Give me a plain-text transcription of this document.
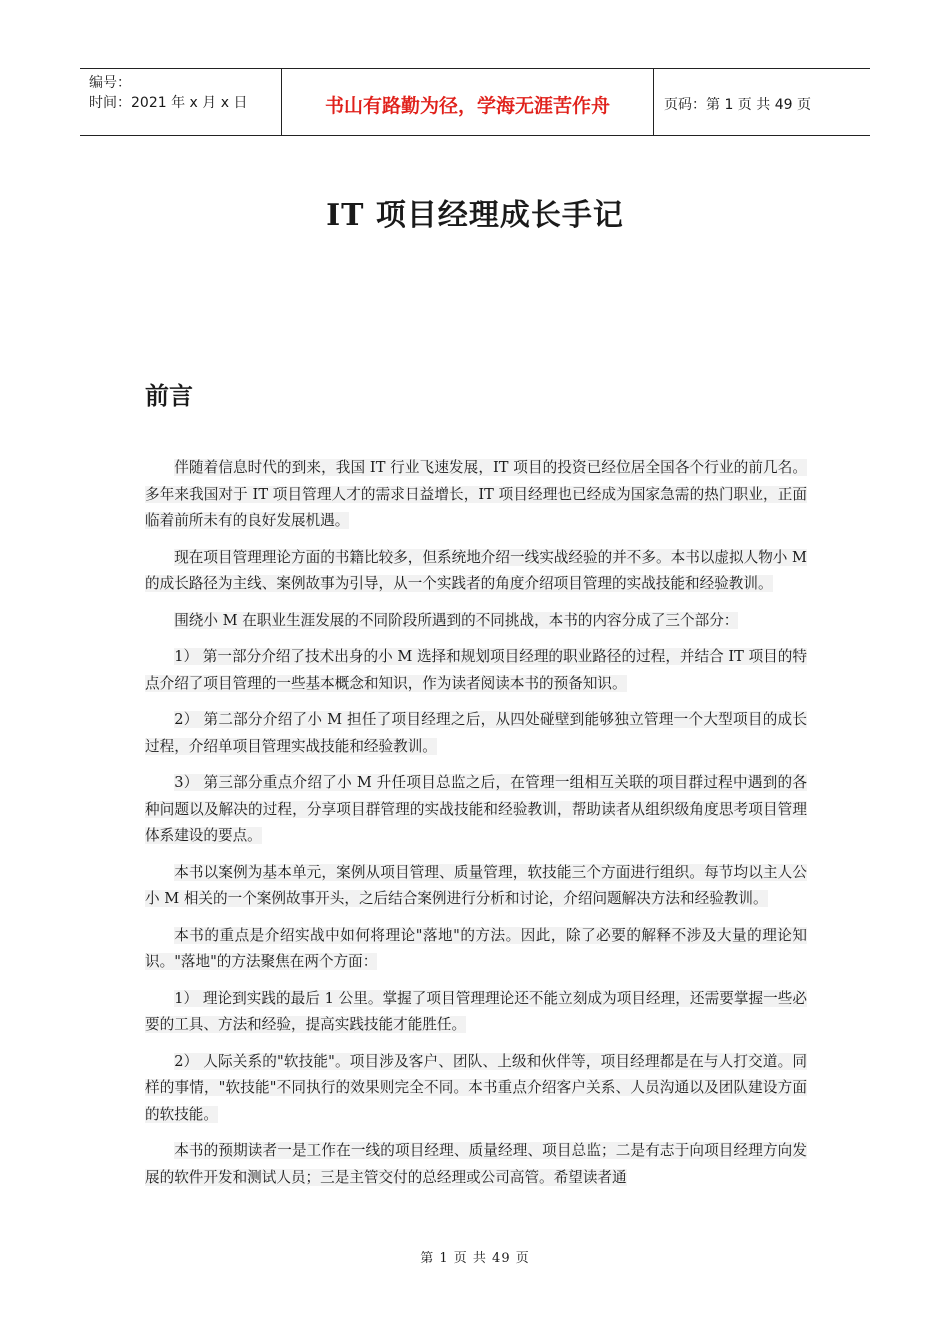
编号：
时间：2021 年 x 月 x 日	书山有路勤为径，学海无涯苦作舟	页码：第 1 页 共 49 页
IT 项目经理成长手记
前言

伴随着信息时代的到来，我国 IT 行业飞速发展，IT 项目的投资已经位居全国各个行业的前几名。多年来我国对于 IT 项目管理人才的需求日益增长，IT 项目经理也已经成为国家急需的热门职业，正面临着前所未有的良好发展机遇。

现在项目管理理论方面的书籍比较多，但系统地介绍一线实战经验的并不多。本书以虚拟人物小 M 的成长路径为主线、案例故事为引导，从一个实践者的角度介绍项目管理的实战技能和经验教训。

围绕小 M 在职业生涯发展的不同阶段所遇到的不同挑战，本书的内容分成了三个部分：

1） 第一部分介绍了技术出身的小 M 选择和规划项目经理的职业路径的过程，并结合 IT 项目的特点介绍了项目管理的一些基本概念和知识，作为读者阅读本书的预备知识。

2） 第二部分介绍了小 M 担任了项目经理之后，从四处碰壁到能够独立管理一个大型项目的成长过程，介绍单项目管理实战技能和经验教训。

3） 第三部分重点介绍了小 M 升任项目总监之后，在管理一组相互关联的项目群过程中遇到的各种问题以及解决的过程，分享项目群管理的实战技能和经验教训，帮助读者从组织级角度思考项目管理体系建设的要点。

本书以案例为基本单元，案例从项目管理、质量管理，软技能三个方面进行组织。每节均以主人公小 M 相关的一个案例故事开头，之后结合案例进行分析和讨论，介绍问题解决方法和经验教训。

本书的重点是介绍实战中如何将理论"落地"的方法。因此，除了必要的解释不涉及大量的理论知识。"落地"的方法聚焦在两个方面：

1） 理论到实践的最后 1 公里。掌握了项目管理理论还不能立刻成为项目经理，还需要掌握一些必要的工具、方法和经验，提高实践技能才能胜任。

2） 人际关系的"软技能"。项目涉及客户、团队、上级和伙伴等，项目经理都是在与人打交道。同样的事情，"软技能"不同执行的效果则完全不同。本书重点介绍客户关系、人员沟通以及团队建设方面的软技能。

本书的预期读者一是工作在一线的项目经理、质量经理、项目总监；二是有志于向项目经理方向发展的软件开发和测试人员；三是主管交付的总经理或公司高管。希望读者通

第 1 页 共 49 页
